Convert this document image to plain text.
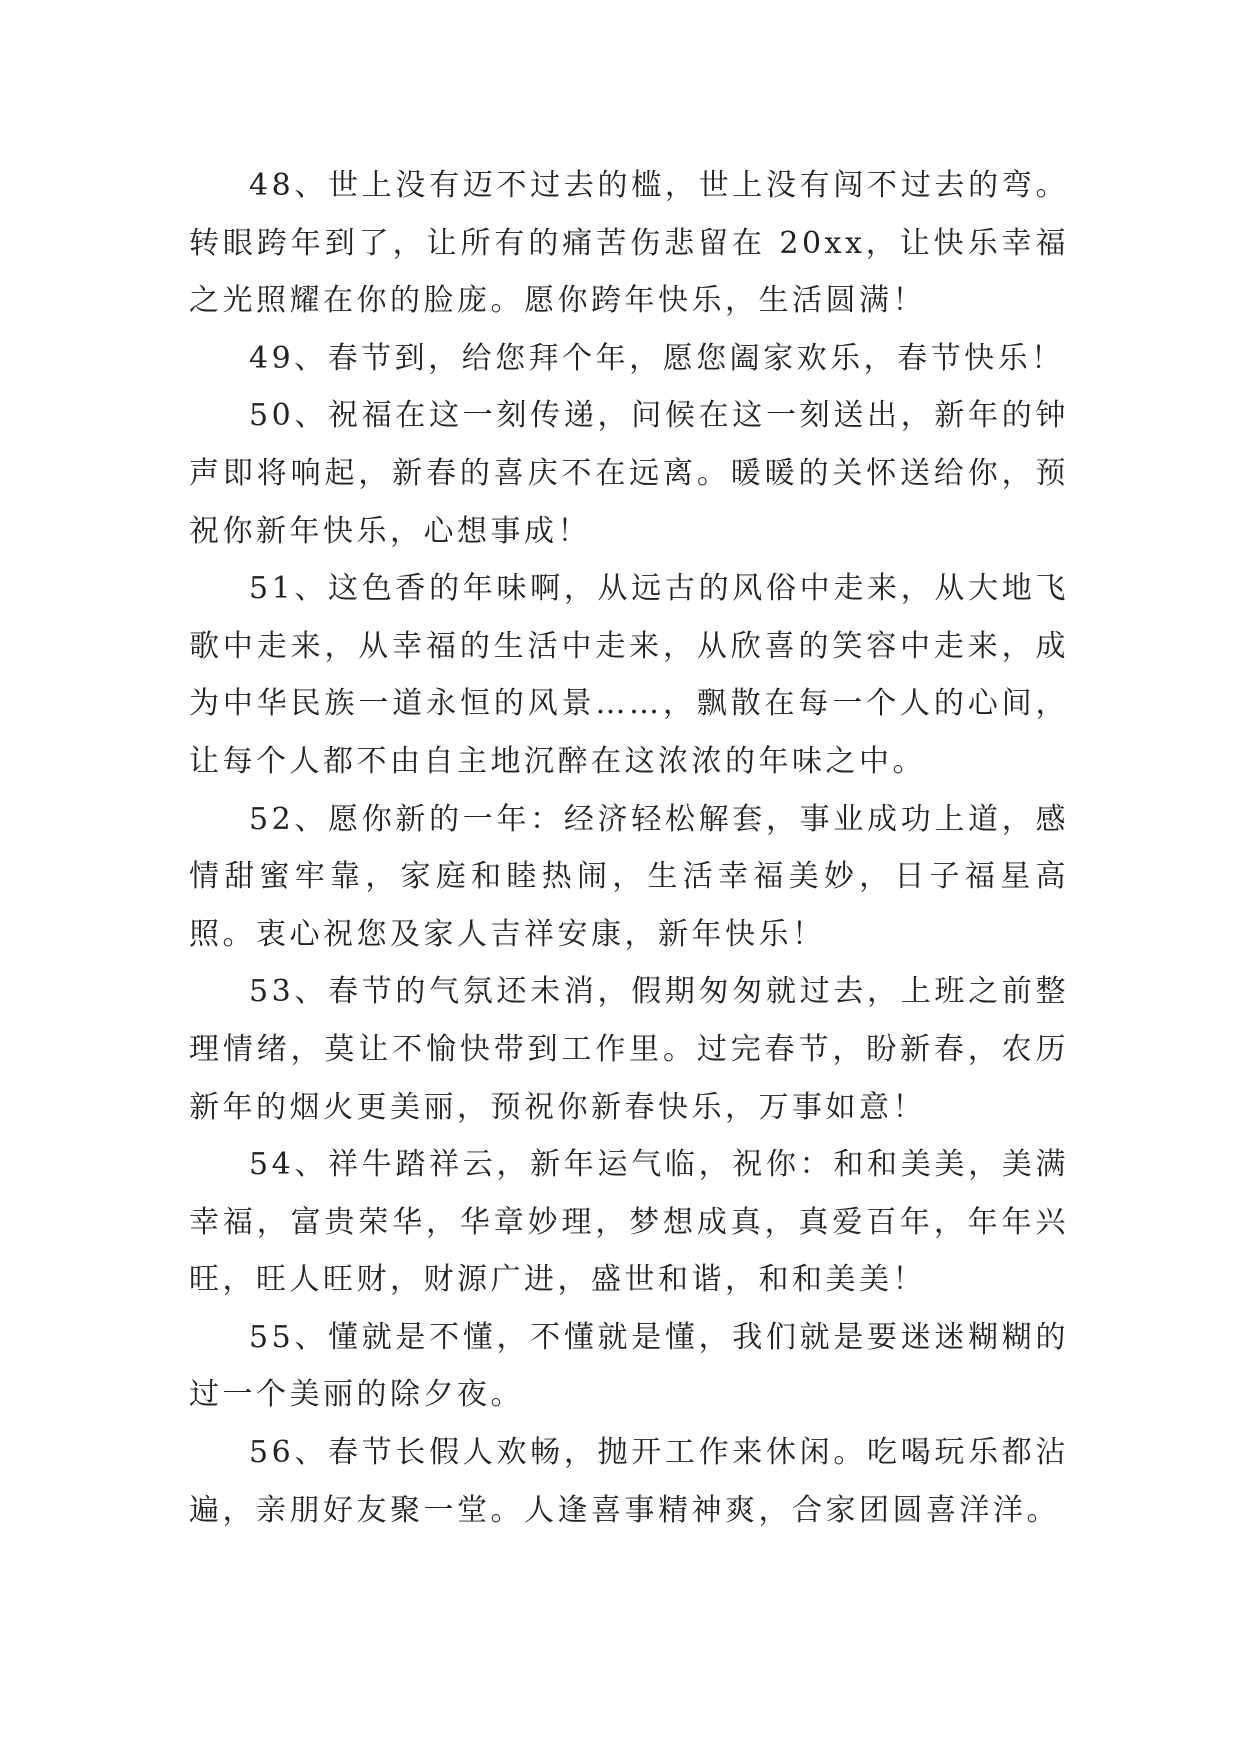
48、世上没有迈不过去的槛，世上没有闯不过去的弯。转眼跨年到了，让所有的痛苦伤悲留在 20xx，让快乐幸福之光照耀在你的脸庞。愿你跨年快乐，生活圆满！

49、春节到，给您拜个年，愿您阖家欢乐，春节快乐！

50、祝福在这一刻传递，问候在这一刻送出，新年的钟声即将响起，新春的喜庆不在远离。暖暖的关怀送给你，预祝你新年快乐，心想事成！

51、这色香的年味啊，从远古的风俗中走来，从大地飞歌中走来，从幸福的生活中走来，从欣喜的笑容中走来，成为中华民族一道永恒的风景……，飘散在每一个人的心间，让每个人都不由自主地沉醉在这浓浓的年味之中。

52、愿你新的一年：经济轻松解套，事业成功上道，感情甜蜜牢靠，家庭和睦热闹，生活幸福美妙，日子福星高照。衷心祝您及家人吉祥安康，新年快乐！

53、春节的气氛还未消，假期匆匆就过去，上班之前整理情绪，莫让不愉快带到工作里。过完春节，盼新春，农历新年的烟火更美丽，预祝你新春快乐，万事如意！

54、祥牛踏祥云，新年运气临，祝你：和和美美，美满幸福，富贵荣华，华章妙理，梦想成真，真爱百年，年年兴旺，旺人旺财，财源广进，盛世和谐，和和美美！

55、懂就是不懂，不懂就是懂，我们就是要迷迷糊糊的过一个美丽的除夕夜。

56、春节长假人欢畅，抛开工作来休闲。吃喝玩乐都沾遍，亲朋好友聚一堂。人逢喜事精神爽，合家团圆喜洋洋。
